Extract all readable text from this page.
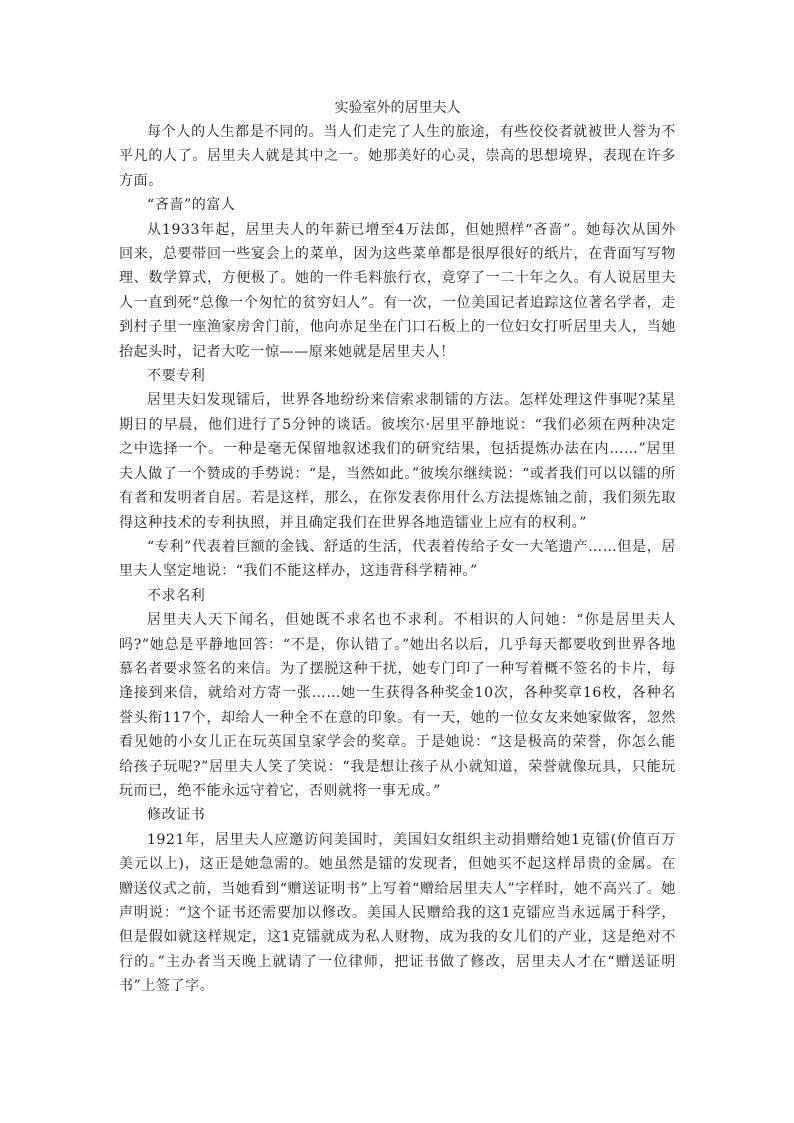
实验室外的居里夫人

每个人的人生都是不同的。当人们走完了人生的旅途，有些佼佼者就被世人誉为不平凡的人了。居里夫人就是其中之一。她那美好的心灵，崇高的思想境界，表现在许多方面。

“吝啬”的富人

从1933年起，居里夫人的年薪已增至4万法郎，但她照样“吝啬”。她每次从国外回来，总要带回一些宴会上的菜单，因为这些菜单都是很厚很好的纸片，在背面写写物理、数学算式，方便极了。她的一件毛料旅行衣，竟穿了一二十年之久。有人说居里夫人一直到死“总像一个匆忙的贫穷妇人”。有一次，一位美国记者追踪这位著名学者，走到村子里一座渔家房舍门前，他向赤足坐在门口石板上的一位妇女打听居里夫人，当她抬起头时，记者大吃一惊——原来她就是居里夫人！

不要专利

居里夫妇发现镭后，世界各地纷纷来信索求制镭的方法。怎样处理这件事呢?某星期日的早晨，他们进行了5分钟的谈话。彼埃尔·居里平静地说：“我们必须在两种决定之中选择一个。一种是毫无保留地叙述我们的研究结果，包括提炼办法在内……”居里夫人做了一个赞成的手势说：“是，当然如此。”彼埃尔继续说：“或者我们可以以镭的所有者和发明者自居。若是这样，那么，在你发表你用什么方法提炼铀之前，我们须先取得这种技术的专利执照，并且确定我们在世界各地造镭业上应有的权利。”

“专利”代表着巨额的金钱、舒适的生活，代表着传给子女一大笔遗产……但是，居里夫人坚定地说：“我们不能这样办，这违背科学精神。”

不求名利

居里夫人天下闻名，但她既不求名也不求利。不相识的人问她：“你是居里夫人吗?”她总是平静地回答：“不是，你认错了。”她出名以后，几乎每天都要收到世界各地慕名者要求签名的来信。为了摆脱这种干扰，她专门印了一种写着概不签名的卡片，每逢接到来信，就给对方寄一张……她一生获得各种奖金10次，各种奖章16枚，各种名誉头衔117个，却给人一种全不在意的印象。有一天，她的一位女友来她家做客，忽然看见她的小女儿正在玩英国皇家学会的奖章。于是她说：“这是极高的荣誉，你怎么能给孩子玩呢?”居里夫人笑了笑说：“我是想让孩子从小就知道，荣誉就像玩具，只能玩玩而已，绝不能永远守着它，否则就将一事无成。”

修改证书

1921年，居里夫人应邀访问美国时，美国妇女组织主动捐赠给她1克镭(价值百万美元以上)，这正是她急需的。她虽然是镭的发现者，但她买不起这样昂贵的金属。在赠送仪式之前，当她看到“赠送证明书”上写着“赠给居里夫人”字样时，她不高兴了。她声明说：“这个证书还需要加以修改。美国人民赠给我的这1克镭应当永远属于科学，但是假如就这样规定，这1克镭就成为私人财物，成为我的女儿们的产业，这是绝对不行的。”主办者当天晚上就请了一位律师，把证书做了修改，居里夫人才在“赠送证明书”上签了字。
